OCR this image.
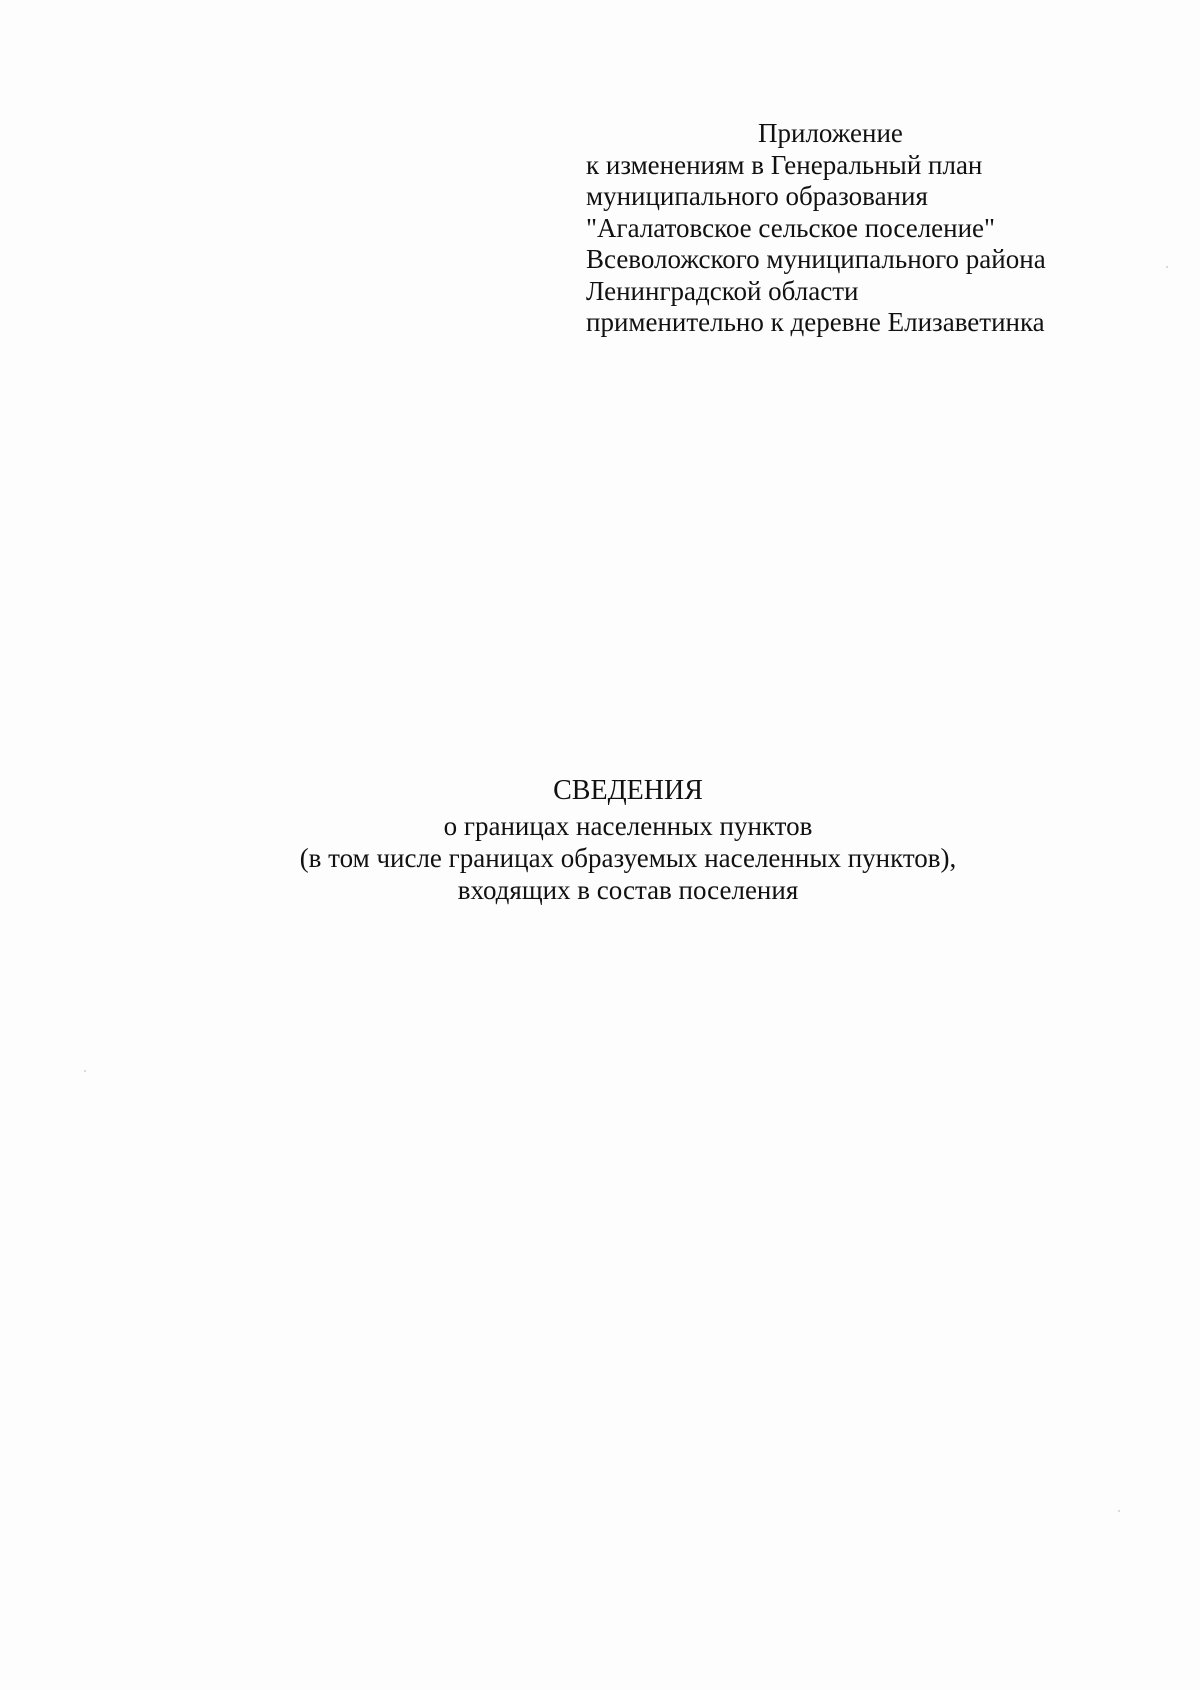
Приложение
к изменениям в Генеральный план
муниципального образования
"Агалатовское сельское поселение"
Всеволожского муниципального района
Ленинградской области
применительно к деревне Елизаветинка
СВЕДЕНИЯ
о границах населенных пунктов
(в том числе границах образуемых населенных пунктов),
входящих в состав поселения
